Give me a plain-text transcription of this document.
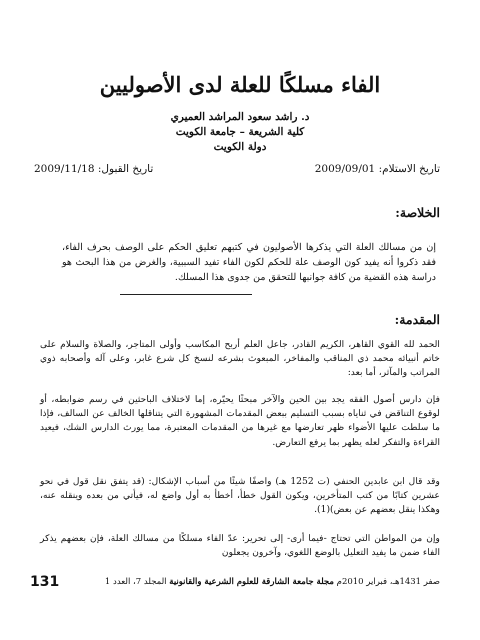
الفاء مسلكًا للعلة لدى الأصوليين
د. راشد سعود المراشد العميري
كلية الشريعة – جامعة الكويت
دولة الكويت
تاريخ القبول: 2009/11/18	تاريخ الاستلام: 2009/09/01
الخلاصة:
إن من مسالك العلة التي يذكرها الأصوليون في كتبهم تعليق الحكم على الوصف بحرف الفاء، فقد ذكروا أنه يفيد كون الوصف علة للحكم لكون الفاء تفيد السببية، والغرض من هذا البحث هو دراسة هذه القضية من كافة جوانبها للتحقق من جدوى هذا المسلك.
المقدمة:
الحمد لله القوي القاهر، الكريم القادر، جاعل العلم أربح المكاسب وأولى المتاجر، والصلاة والسلام على خاتم أنبيائه محمد ذي المناقب والمفاخر، المبعوث بشرعه لنسخ كل شرع غابر، وعلى آله وأصحابه ذوي المراتب والمآثر، أما بعد:
فإن دارس أصول الفقه يجد بين الحين والآخر مبحثًا يحيّره، إما لاختلاف الباحثين في رسم ضوابطه، أو لوقوع التناقض في ثناياه بسبب التسليم ببعض المقدمات المشهورة التي يتناقلها الخالف عن السالف، فإذا ما سلطت عليها الأضواء ظهر تعارضها مع غيرها من المقدمات المعتبرة، مما يورث الدارس الشك، فيعيد القراءة والتفكر لعله يظهر بما يرفع التعارض.
وقد قال ابن عابدين الحنفي (ت 1252 هـ) واصفًا شيئًا من أسباب الإشكال: (قد يتفق نقل قول في نحو عشرين كتابًا من كتب المتأخرين، ويكون القول خطأ، أخطأ به أول واضع له، فيأتي من بعده وينقله عنه، وهكذا ينقل بعضهم عن بعض)(1).
وإن من المواطن التي تحتاج -فيما أرى- إلى تحرير: عدّ الفاء مسلكًا من مسالك العلة، فإن بعضهم يذكر الفاء ضمن ما يفيد التعليل بالوضع اللغوي، وآخرون يجعلون
131	صفر 1431هـ، فبراير 2010م مجلة جامعة الشارقة للعلوم الشرعية والقانونية المجلد 7، العدد 1
